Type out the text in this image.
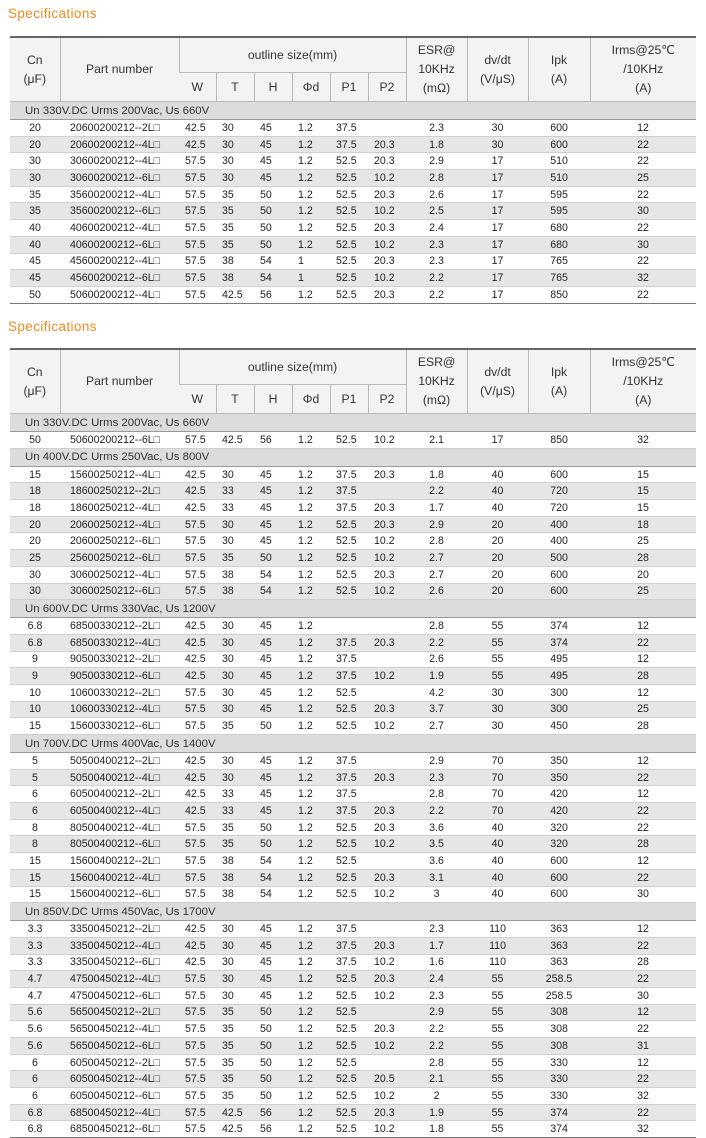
Specifications
Cn
(μF)	Part number	outline size(mm)						ESR@
10KHz
(mΩ)	dv/dt
(V/μS)	Ipk
(A)	Irms@25℃
/10KHz
(A)
		W	T	H	Φd	P1	P2				
Un 330V.DC Urms 200Vac, Us 660V											
20	20600200212--2L□	42.5	30	45	1.2	37.5		2.3	30	600	12
20	20600200212--4L□	42.5	30	45	1.2	37.5	20.3	1.8	30	600	22
30	30600200212--4L□	57.5	30	45	1.2	52.5	20.3	2.9	17	510	22
30	30600200212--6L□	57.5	30	45	1.2	52.5	10.2	2.8	17	510	25
35	35600200212--4L□	57.5	35	50	1.2	52.5	20.3	2.6	17	595	22
35	35600200212--6L□	57.5	35	50	1.2	52.5	10.2	2.5	17	595	30
40	40600200212--4L□	57.5	35	50	1.2	52.5	20.3	2.4	17	680	22
40	40600200212--6L□	57.5	35	50	1.2	52.5	10.2	2.3	17	680	30
45	45600200212--4L□	57.5	38	54	1	52.5	20.3	2.3	17	765	22
45	45600200212--6L□	57.5	38	54	1	52.5	10.2	2.2	17	765	32
50	50600200212--4L□	57.5	42.5	56	1.2	52.5	20.3	2.2	17	850	22
Specifications
Cn
(μF)	Part number	outline size(mm)						ESR@
10KHz
(mΩ)	dv/dt
(V/μS)	Ipk
(A)	Irms@25℃
/10KHz
(A)
		W	T	H	Φd	P1	P2				
Un 330V.DC Urms 200Vac, Us 660V											
50	50600200212--6L□	57.5	42.5	56	1.2	52.5	10.2	2.1	17	850	32
Un 400V.DC Urms 250Vac, Us 800V											
15	15600250212--4L□	42.5	30	45	1.2	37.5	20.3	1.8	40	600	15
18	18600250212--2L□	42.5	33	45	1.2	37.5		2.2	40	720	15
18	18600250212--4L□	42.5	33	45	1.2	37.5	20.3	1.7	40	720	15
20	20600250212--4L□	57.5	30	45	1.2	52.5	20.3	2.9	20	400	18
20	20600250212--6L□	57.5	30	45	1.2	52.5	10.2	2.8	20	400	25
25	25600250212--6L□	57.5	35	50	1.2	52.5	10.2	2.7	20	500	28
30	30600250212--4L□	57.5	38	54	1.2	52.5	20.3	2.7	20	600	20
30	30600250212--6L□	57.5	38	54	1.2	52.5	10.2	2.6	20	600	25
Un 600V.DC Urms 330Vac, Us 1200V											
6.8	68500330212--2L□	42.5	30	45	1.2			2.8	55	374	12
6.8	68500330212--4L□	42.5	30	45	1.2	37.5	20.3	2.2	55	374	22
9	90500330212--2L□	42.5	30	45	1.2	37.5		2.6	55	495	12
9	90500330212--6L□	42.5	30	45	1.2	37.5	10.2	1.9	55	495	28
10	10600330212--2L□	57.5	30	45	1.2	52.5		4.2	30	300	12
10	10600330212--4L□	57.5	30	45	1.2	52.5	20.3	3.7	30	300	25
15	15600330212--6L□	57.5	35	50	1.2	52.5	10.2	2.7	30	450	28
Un 700V.DC Urms 400Vac, Us 1400V											
5	50500400212--2L□	42.5	30	45	1.2	37.5		2.9	70	350	12
5	50500400212--4L□	42.5	30	45	1.2	37.5	20.3	2.3	70	350	22
6	60500400212--2L□	42.5	33	45	1.2	37.5		2.8	70	420	12
6	60500400212--4L□	42.5	33	45	1.2	37.5	20.3	2.2	70	420	22
8	80500400212--4L□	57.5	35	50	1.2	52.5	20.3	3.6	40	320	22
8	80500400212--6L□	57.5	35	50	1.2	52.5	10.2	3.5	40	320	28
15	15600400212--2L□	57.5	38	54	1.2	52.5		3.6	40	600	12
15	15600400212--4L□	57.5	38	54	1.2	52.5	20.3	3.1	40	600	22
15	15600400212--6L□	57.5	38	54	1.2	52.5	10.2	3	40	600	30
Un 850V.DC Urms 450Vac, Us 1700V											
3.3	33500450212--2L□	42.5	30	45	1.2	37.5		2.3	110	363	12
3.3	33500450212--4L□	42.5	30	45	1.2	37.5	20.3	1.7	110	363	22
3.3	33500450212--6L□	42.5	30	45	1.2	37.5	10.2	1.6	110	363	28
4.7	47500450212--4L□	57.5	30	45	1.2	52.5	20.3	2.4	55	258.5	22
4.7	47500450212--6L□	57.5	30	45	1.2	52.5	10.2	2.3	55	258.5	30
5.6	56500450212--2L□	57.5	35	50	1.2	52.5		2.9	55	308	12
5.6	56500450212--4L□	57.5	35	50	1.2	52.5	20.3	2.2	55	308	22
5.6	56500450212--6L□	57.5	35	50	1.2	52.5	10.2	2.2	55	308	31
6	60500450212--2L□	57.5	35	50	1.2	52.5		2.8	55	330	12
6	60500450212--4L□	57.5	35	50	1.2	52.5	20.5	2.1	55	330	22
6	60500450212--6L□	57.5	35	50	1.2	52.5	10.2	2	55	330	32
6.8	68500450212--4L□	57.5	42.5	56	1.2	52.5	20.3	1.9	55	374	22
6.8	68500450212--6L□	57.5	42.5	56	1.2	52.5	10.2	1.8	55	374	32
